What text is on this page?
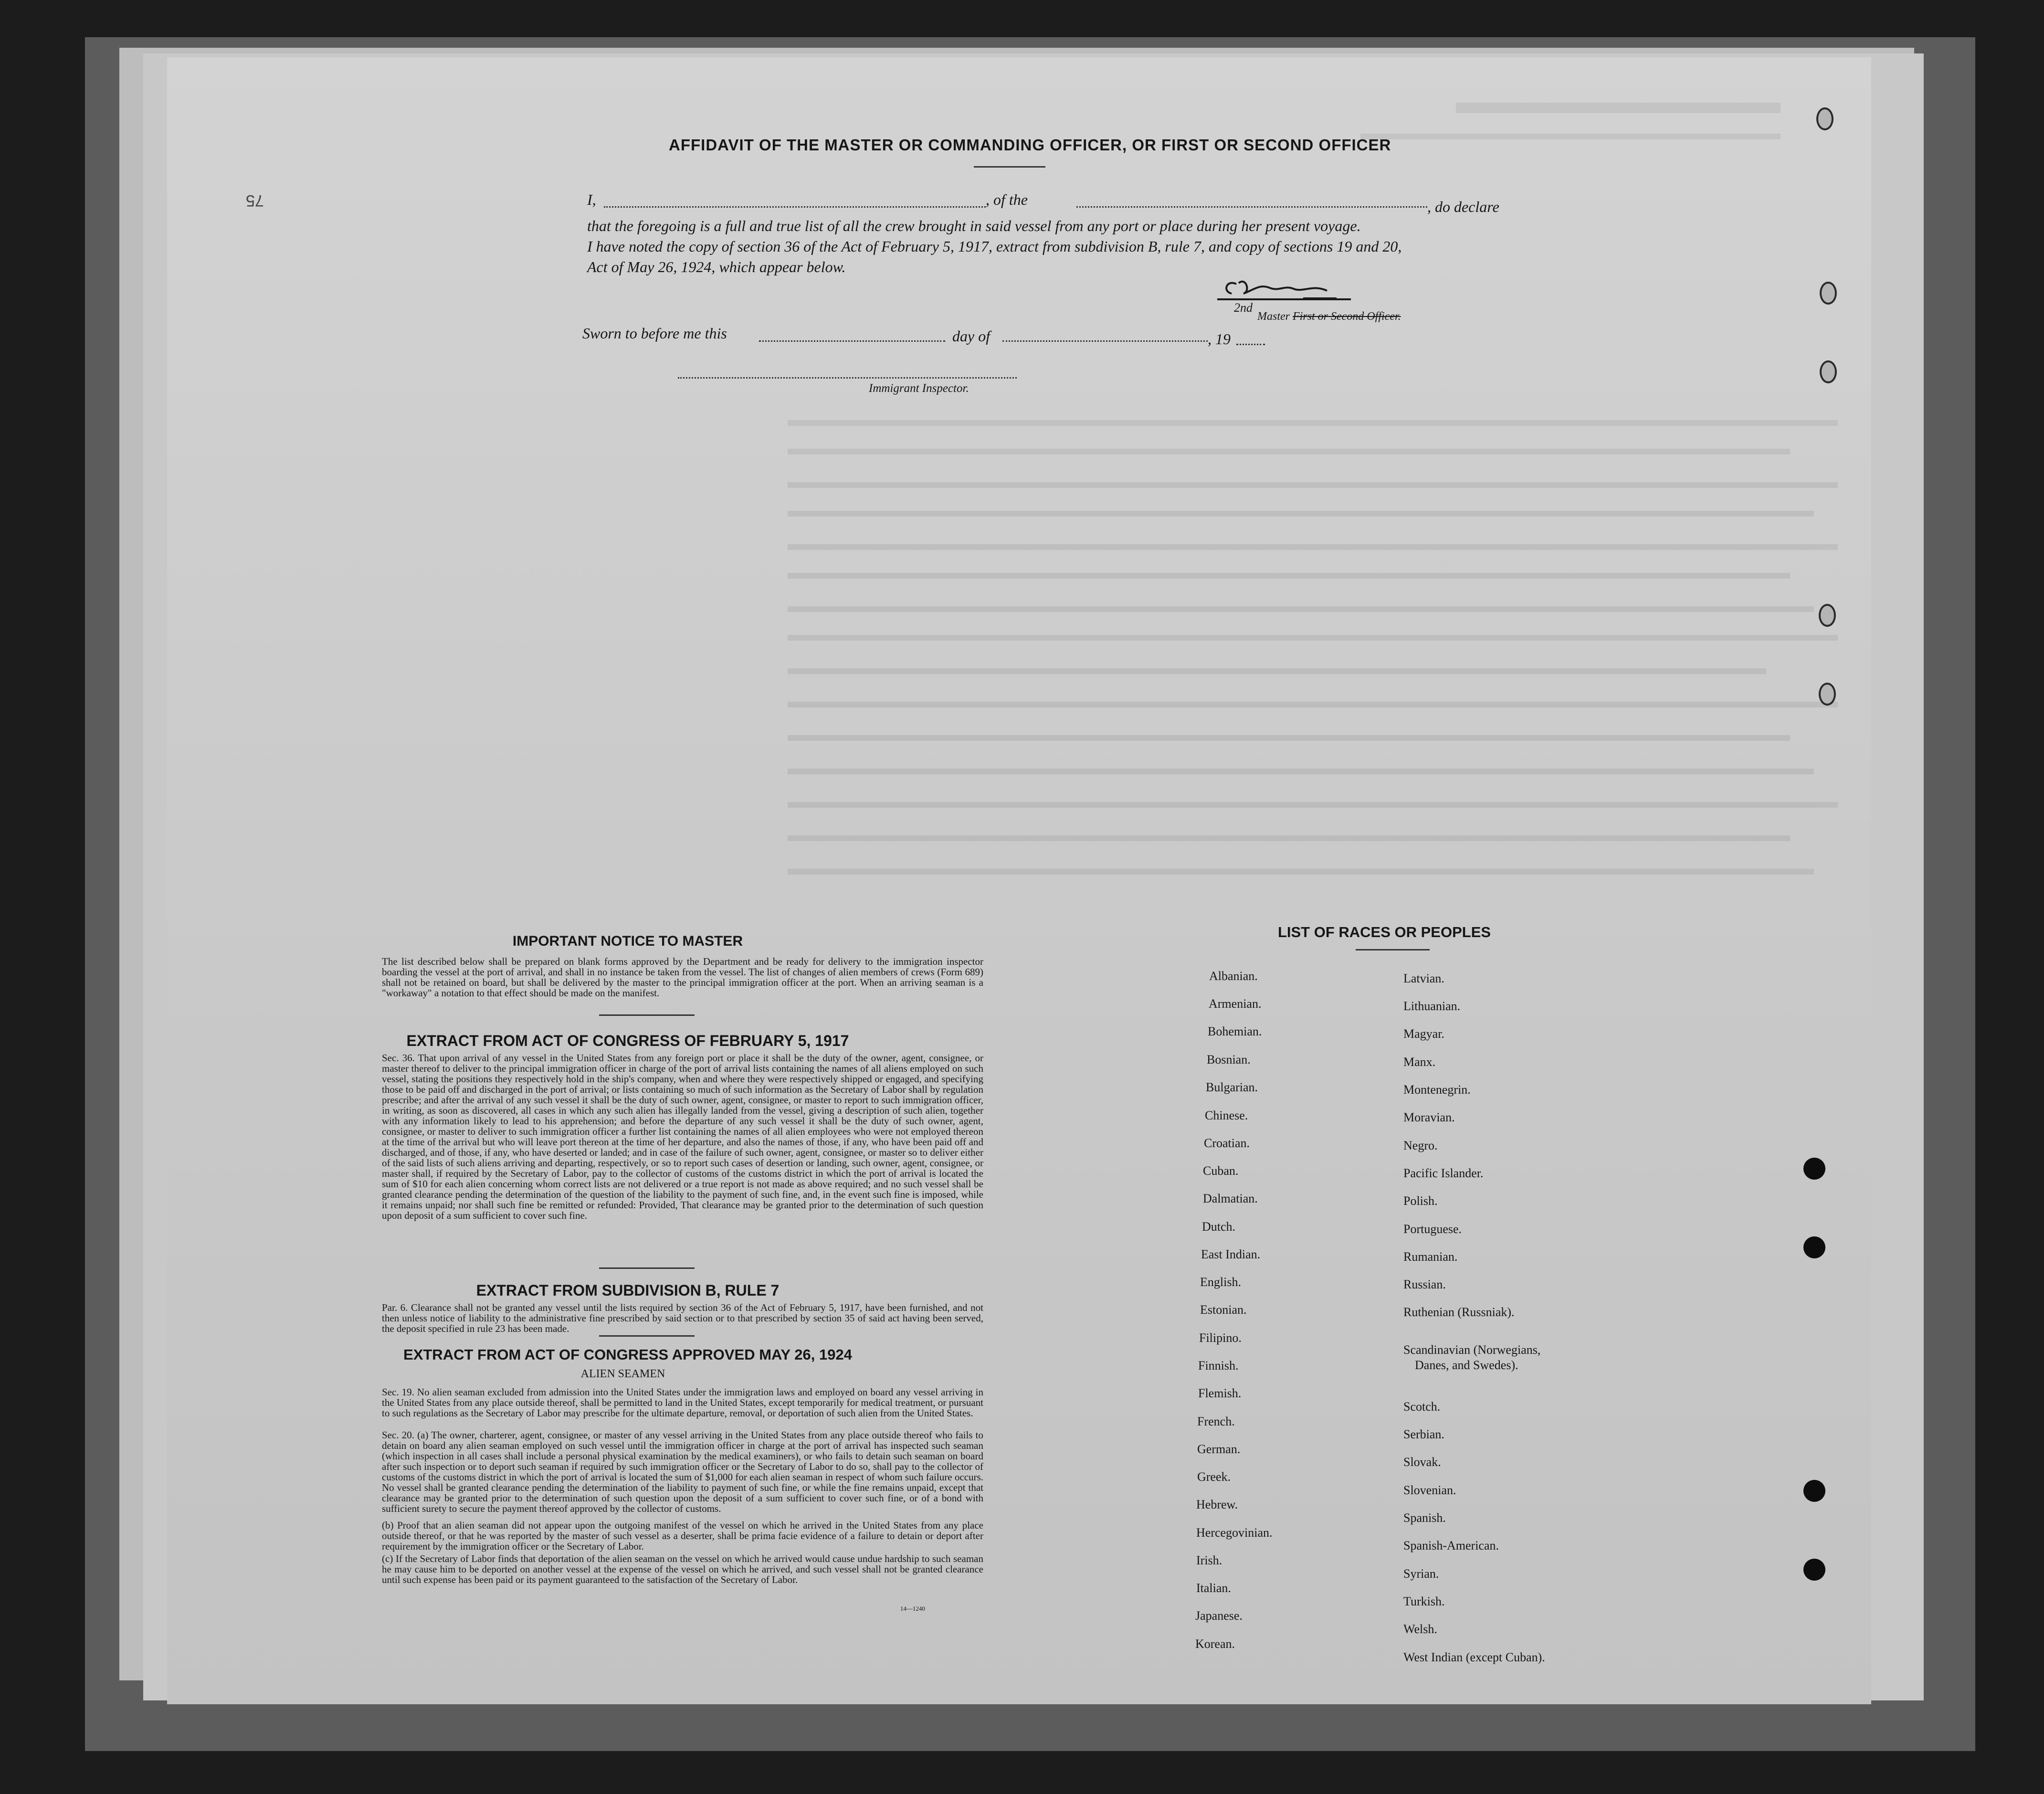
75
AFFIDAVIT OF THE MASTER OR COMMANDING OFFICER, OR FIRST OR SECOND OFFICER
I,	, of the	, do declare
that the foregoing is a full and true list of all the crew brought in said vessel from any port or place during her present voyage.
I have noted the copy of section 36 of the Act of February 5, 1917, extract from subdivision B, rule 7, and copy of sections 19 and 20,
Act of May 26, 1924, which appear below.
2nd
Master First or Second Officer.
Sworn to before me this	day of	, 19
Immigrant Inspector.
IMPORTANT NOTICE TO MASTER
The list described below shall be prepared on blank forms approved by the Department and be ready for delivery to the immigration inspector boarding the vessel at the port of arrival, and shall in no instance be taken from the vessel. The list of changes of alien members of crews (Form 689) shall not be retained on board, but shall be delivered by the master to the principal immigration officer at the port. When an arriving seaman is a "workaway" a notation to that effect should be made on the manifest.
EXTRACT FROM ACT OF CONGRESS OF FEBRUARY 5, 1917
Sec. 36. That upon arrival of any vessel in the United States from any foreign port or place it shall be the duty of the owner, agent, consignee, or master thereof to deliver to the principal immigration officer in charge of the port of arrival lists containing the names of all aliens employed on such vessel, stating the positions they respectively hold in the ship's company, when and where they were respectively shipped or engaged, and specifying those to be paid off and discharged in the port of arrival; or lists containing so much of such information as the Secretary of Labor shall by regulation prescribe; and after the arrival of any such vessel it shall be the duty of such owner, agent, consignee, or master to report to such immigration officer, in writing, as soon as discovered, all cases in which any such alien has illegally landed from the vessel, giving a description of such alien, together with any information likely to lead to his apprehension; and before the departure of any such vessel it shall be the duty of such owner, agent, consignee, or master to deliver to such immigration officer a further list containing the names of all alien employees who were not employed thereon at the time of the arrival but who will leave port thereon at the time of her departure, and also the names of those, if any, who have been paid off and discharged, and of those, if any, who have deserted or landed; and in case of the failure of such owner, agent, consignee, or master so to deliver either of the said lists of such aliens arriving and departing, respectively, or so to report such cases of desertion or landing, such owner, agent, consignee, or master shall, if required by the Secretary of Labor, pay to the collector of customs of the customs district in which the port of arrival is located the sum of $10 for each alien concerning whom correct lists are not delivered or a true report is not made as above required; and no such vessel shall be granted clearance pending the determination of the question of the liability to the payment of such fine, and, in the event such fine is imposed, while it remains unpaid; nor shall such fine be remitted or refunded: Provided, That clearance may be granted prior to the determination of such question upon deposit of a sum sufficient to cover such fine.
EXTRACT FROM SUBDIVISION B, RULE 7
Par. 6. Clearance shall not be granted any vessel until the lists required by section 36 of the Act of February 5, 1917, have been furnished, and not then unless notice of liability to the administrative fine prescribed by said section or to that prescribed by section 35 of said act having been served, the deposit specified in rule 23 has been made.
EXTRACT FROM ACT OF CONGRESS APPROVED MAY 26, 1924
ALIEN SEAMEN
Sec. 19. No alien seaman excluded from admission into the United States under the immigration laws and employed on board any vessel arriving in the United States from any place outside thereof, shall be permitted to land in the United States, except temporarily for medical treatment, or pursuant to such regulations as the Secretary of Labor may prescribe for the ultimate departure, removal, or deportation of such alien from the United States.
Sec. 20. (a) The owner, charterer, agent, consignee, or master of any vessel arriving in the United States from any place outside thereof who fails to detain on board any alien seaman employed on such vessel until the immigration officer in charge at the port of arrival has inspected such seaman (which inspection in all cases shall include a personal physical examination by the medical examiners), or who fails to detain such seaman on board after such inspection or to deport such seaman if required by such immigration officer or the Secretary of Labor to do so, shall pay to the collector of customs of the customs district in which the port of arrival is located the sum of $1,000 for each alien seaman in respect of whom such failure occurs. No vessel shall be granted clearance pending the determination of the liability to payment of such fine, or while the fine remains unpaid, except that clearance may be granted prior to the determination of such question upon the deposit of a sum sufficient to cover such fine, or of a bond with sufficient surety to secure the payment thereof approved by the collector of customs.
(b) Proof that an alien seaman did not appear upon the outgoing manifest of the vessel on which he arrived in the United States from any place outside thereof, or that he was reported by the master of such vessel as a deserter, shall be prima facie evidence of a failure to detain or deport after requirement by the immigration officer or the Secretary of Labor.
(c) If the Secretary of Labor finds that deportation of the alien seaman on the vessel on which he arrived would cause undue hardship to such seaman he may cause him to be deported on another vessel at the expense of the vessel on which he arrived, and such vessel shall not be granted clearance until such expense has been paid or its payment guaranteed to the satisfaction of the Secretary of Labor.
14—1240
LIST OF RACES OR PEOPLES
Albanian.
Armenian.
Bohemian.
Bosnian.
Bulgarian.
Chinese.
Croatian.
Cuban.
Dalmatian.
Dutch.
East Indian.
English.
Estonian.
Filipino.
Finnish.
Flemish.
French.
German.
Greek.
Hebrew.
Hercegovinian.
Irish.
Italian.
Japanese.
Korean.
Latvian.
Lithuanian.
Magyar.
Manx.
Montenegrin.
Moravian.
Negro.
Pacific Islander.
Polish.
Portuguese.
Rumanian.
Russian.
Ruthenian (Russniak).
Scandinavian (Norwegians,
Danes, and Swedes).
Scotch.
Serbian.
Slovak.
Slovenian.
Spanish.
Spanish-American.
Syrian.
Turkish.
Welsh.
West Indian (except Cuban).
